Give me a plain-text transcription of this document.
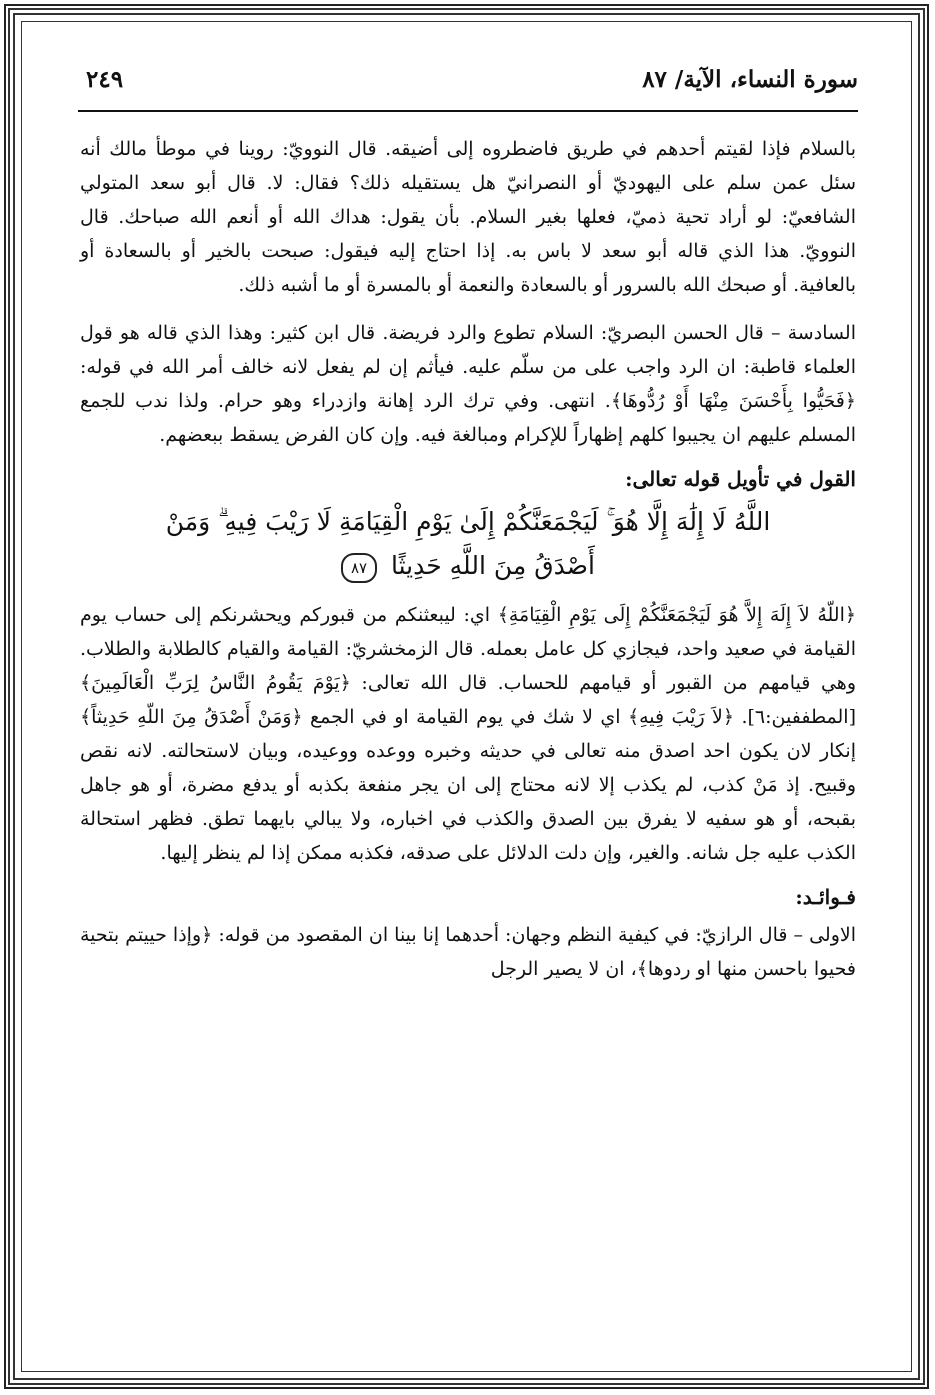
سورة النساء، الآية/ ٨٧
٢٤٩

بالسلام فإذا لقيتم أحدهم في طريق فاضطروه إلى أضيقه. قال النوويّ: روينا في موطأ مالك أنه سئل عمن سلم على اليهوديّ أو النصرانيّ هل يستقيله ذلك؟ فقال: لا. قال أبو سعد المتولي الشافعيّ: لو أراد تحية ذميّ، فعلها بغير السلام. بأن يقول: هداك الله أو أنعم الله صباحك. قال النوويّ. هذا الذي قاله أبو سعد لا باس به. إذا احتاج إليه فيقول: صبحت بالخير أو بالسعادة أو بالعافية. أو صبحك الله بالسرور أو بالسعادة والنعمة أو بالمسرة أو ما أشبه ذلك.

السادسة – قال الحسن البصريّ: السلام تطوع والرد فريضة. قال ابن كثير: وهذا الذي قاله هو قول العلماء قاطبة: ان الرد واجب على من سلّم عليه. فيأثم إن لم يفعل لانه خالف أمر الله في قوله: ﴿فَحَيُّوا بِأَحْسَنَ مِنْهَا أَوْ رُدُّوهَا﴾. انتهى. وفي ترك الرد إهانة وازدراء وهو حرام. ولذا ندب للجمع المسلم عليهم ان يجيبوا كلهم إظهاراً للإكرام ومبالغة فيه. وإن كان الفرض يسقط ببعضهم.

القول في تأويل قوله تعالى:

اللَّهُ لَا إِلَٰهَ إِلَّا هُوَ ۚ لَيَجْمَعَنَّكُمْ إِلَىٰ يَوْمِ الْقِيَامَةِ لَا رَيْبَ فِيهِ ۗ وَمَنْ
أَصْدَقُ مِنَ اللَّهِ حَدِيثًا ٨٧

﴿اللّهُ لاَ إِلَهَ إِلاَّ هُوَ لَيَجْمَعَنَّكُمْ إِلَى يَوْمِ الْقِيَامَةِ﴾ اي: ليبعثنكم من قبوركم ويحشرنكم إلى حساب يوم القيامة في صعيد واحد، فيجازي كل عامل بعمله. قال الزمخشريّ: القيامة والقيام كالطلابة والطلاب. وهي قيامهم من القبور أو قيامهم للحساب. قال الله تعالى: ﴿يَوْمَ يَقُومُ النَّاسُ لِرَبِّ الْعَالَمِينَ﴾ [المطففين:٦]. ﴿لاَ رَيْبَ فِيهِ﴾ اي لا شك في يوم القيامة او في الجمع ﴿وَمَنْ أَصْدَقُ مِنَ اللّهِ حَدِيثاً﴾ إنكار لان يكون احد اصدق منه تعالى في حديثه وخبره ووعده ووعيده، وبيان لاستحالته. لانه نقص وقبيح. إذ مَنْ كذب، لم يكذب إلا لانه محتاج إلى ان يجر منفعة بكذبه أو يدفع مضرة، أو هو جاهل بقبحه، أو هو سفيه لا يفرق بين الصدق والكذب في اخباره، ولا يبالي بايهما تطق. فظهر استحالة الكذب عليه جل شانه. والغير، وإن دلت الدلائل على صدقه، فكذبه ممكن إذا لم ينظر إليها.

فـوائـد:

الاولى – قال الرازيّ: في كيفية النظم وجهان: أحدهما إنا بينا ان المقصود من قوله: ﴿وإذا حييتم بتحية فحيوا باحسن منها او ردوها﴾، ان لا يصير الرجل
